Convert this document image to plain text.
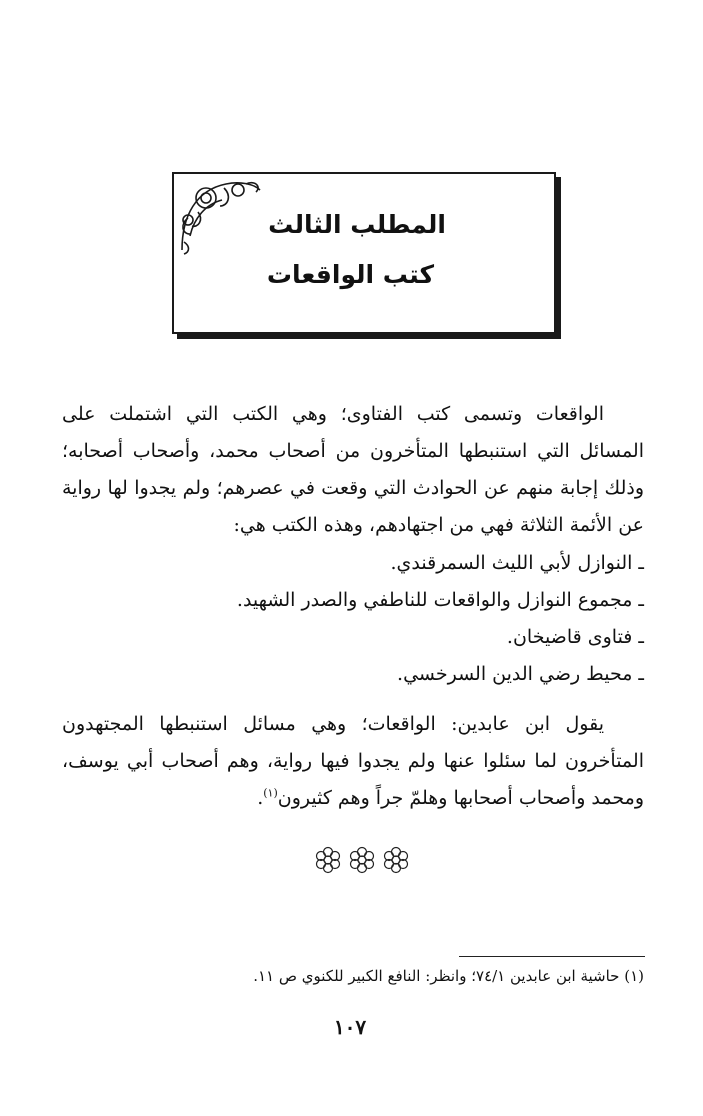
المطلب الثالث
كتب الواقعات

الواقعات وتسمى كتب الفتاوى؛ وهي الكتب التي اشتملت على المسائل التي استنبطها المتأخرون من أصحاب محمد، وأصحاب أصحابه؛ وذلك إجابة منهم عن الحوادث التي وقعت في عصرهم؛ ولم يجدوا لها رواية عن الأئمة الثلاثة فهي من اجتهادهم، وهذه الكتب هي:

ـ النوازل لأبي الليث السمرقندي.
ـ مجموع النوازل والواقعات للناطفي والصدر الشهيد.
ـ فتاوى قاضيخان.
ـ محيط رضي الدين السرخسي.

يقول ابن عابدين: الواقعات؛ وهي مسائل استنبطها المجتهدون المتأخرون لما سئلوا عنها ولم يجدوا فيها رواية، وهم أصحاب أبي يوسف، ومحمد وأصحاب أصحابها وهلمّ جراً وهم كثيرون$^{(١)}$.

(١) حاشية ابن عابدين ٧٤/١؛ وانظر: النافع الكبير للكنوي ص ١١.

١٠٧
